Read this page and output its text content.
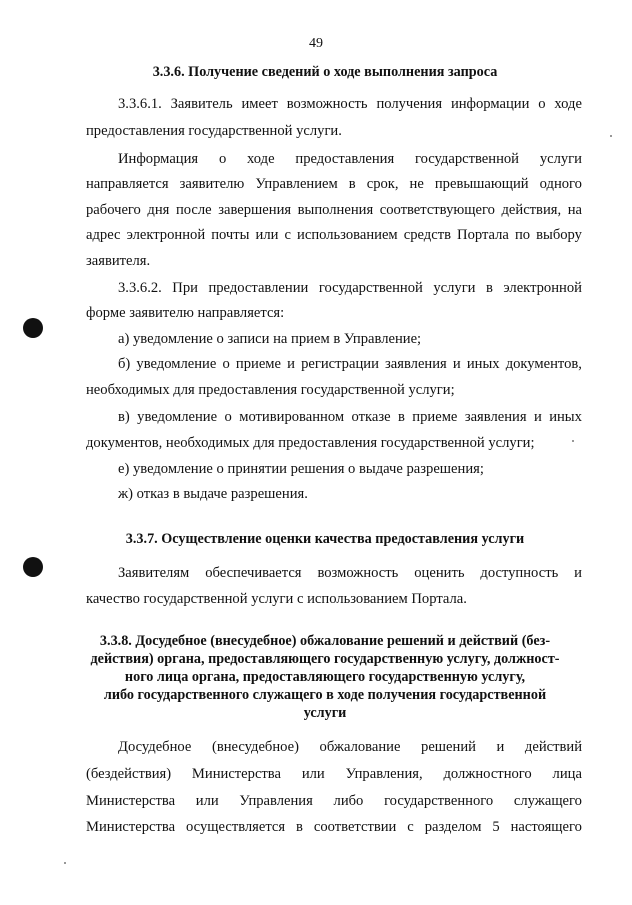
49
3.3.6. Получение сведений о ходе выполнения запроса
3.3.6.1. Заявитель имеет возможность получения информации о ходе
предоставления государственной услуги.
Информация о ходе предоставления государственной услуги
направляется заявителю Управлением в срок, не превышающий одного
рабочего дня после завершения выполнения соответствующего действия, на
адрес электронной почты или с использованием средств Портала по выбору
заявителя.
3.3.6.2. При предоставлении государственной услуги в электронной
форме заявителю направляется:
а) уведомление о записи на прием в Управление;
б) уведомление о приеме и регистрации заявления и иных документов,
необходимых для предоставления государственной услуги;
в) уведомление о мотивированном отказе в приеме заявления и иных
документов, необходимых для предоставления государственной услуги;
е) уведомление о принятии решения о выдаче разрешения;
ж) отказ в выдаче разрешения.
3.3.7. Осуществление оценки качества предоставления услуги
Заявителям обеспечивается возможность оценить доступность и
качество государственной услуги с использованием Портала.
3.3.8. Досудебное (внесудебное) обжалование решений и действий (без-
действия) органа, предоставляющего государственную услугу, должност-
ного лица органа, предоставляющего государственную услугу,
либо государственного служащего в ходе получения государственной
услуги
Досудебное (внесудебное) обжалование решений и действий
(бездействия) Министерства или Управления, должностного лица
Министерства или Управления либо государственного служащего
Министерства осуществляется в соответствии с разделом 5 настоящего
